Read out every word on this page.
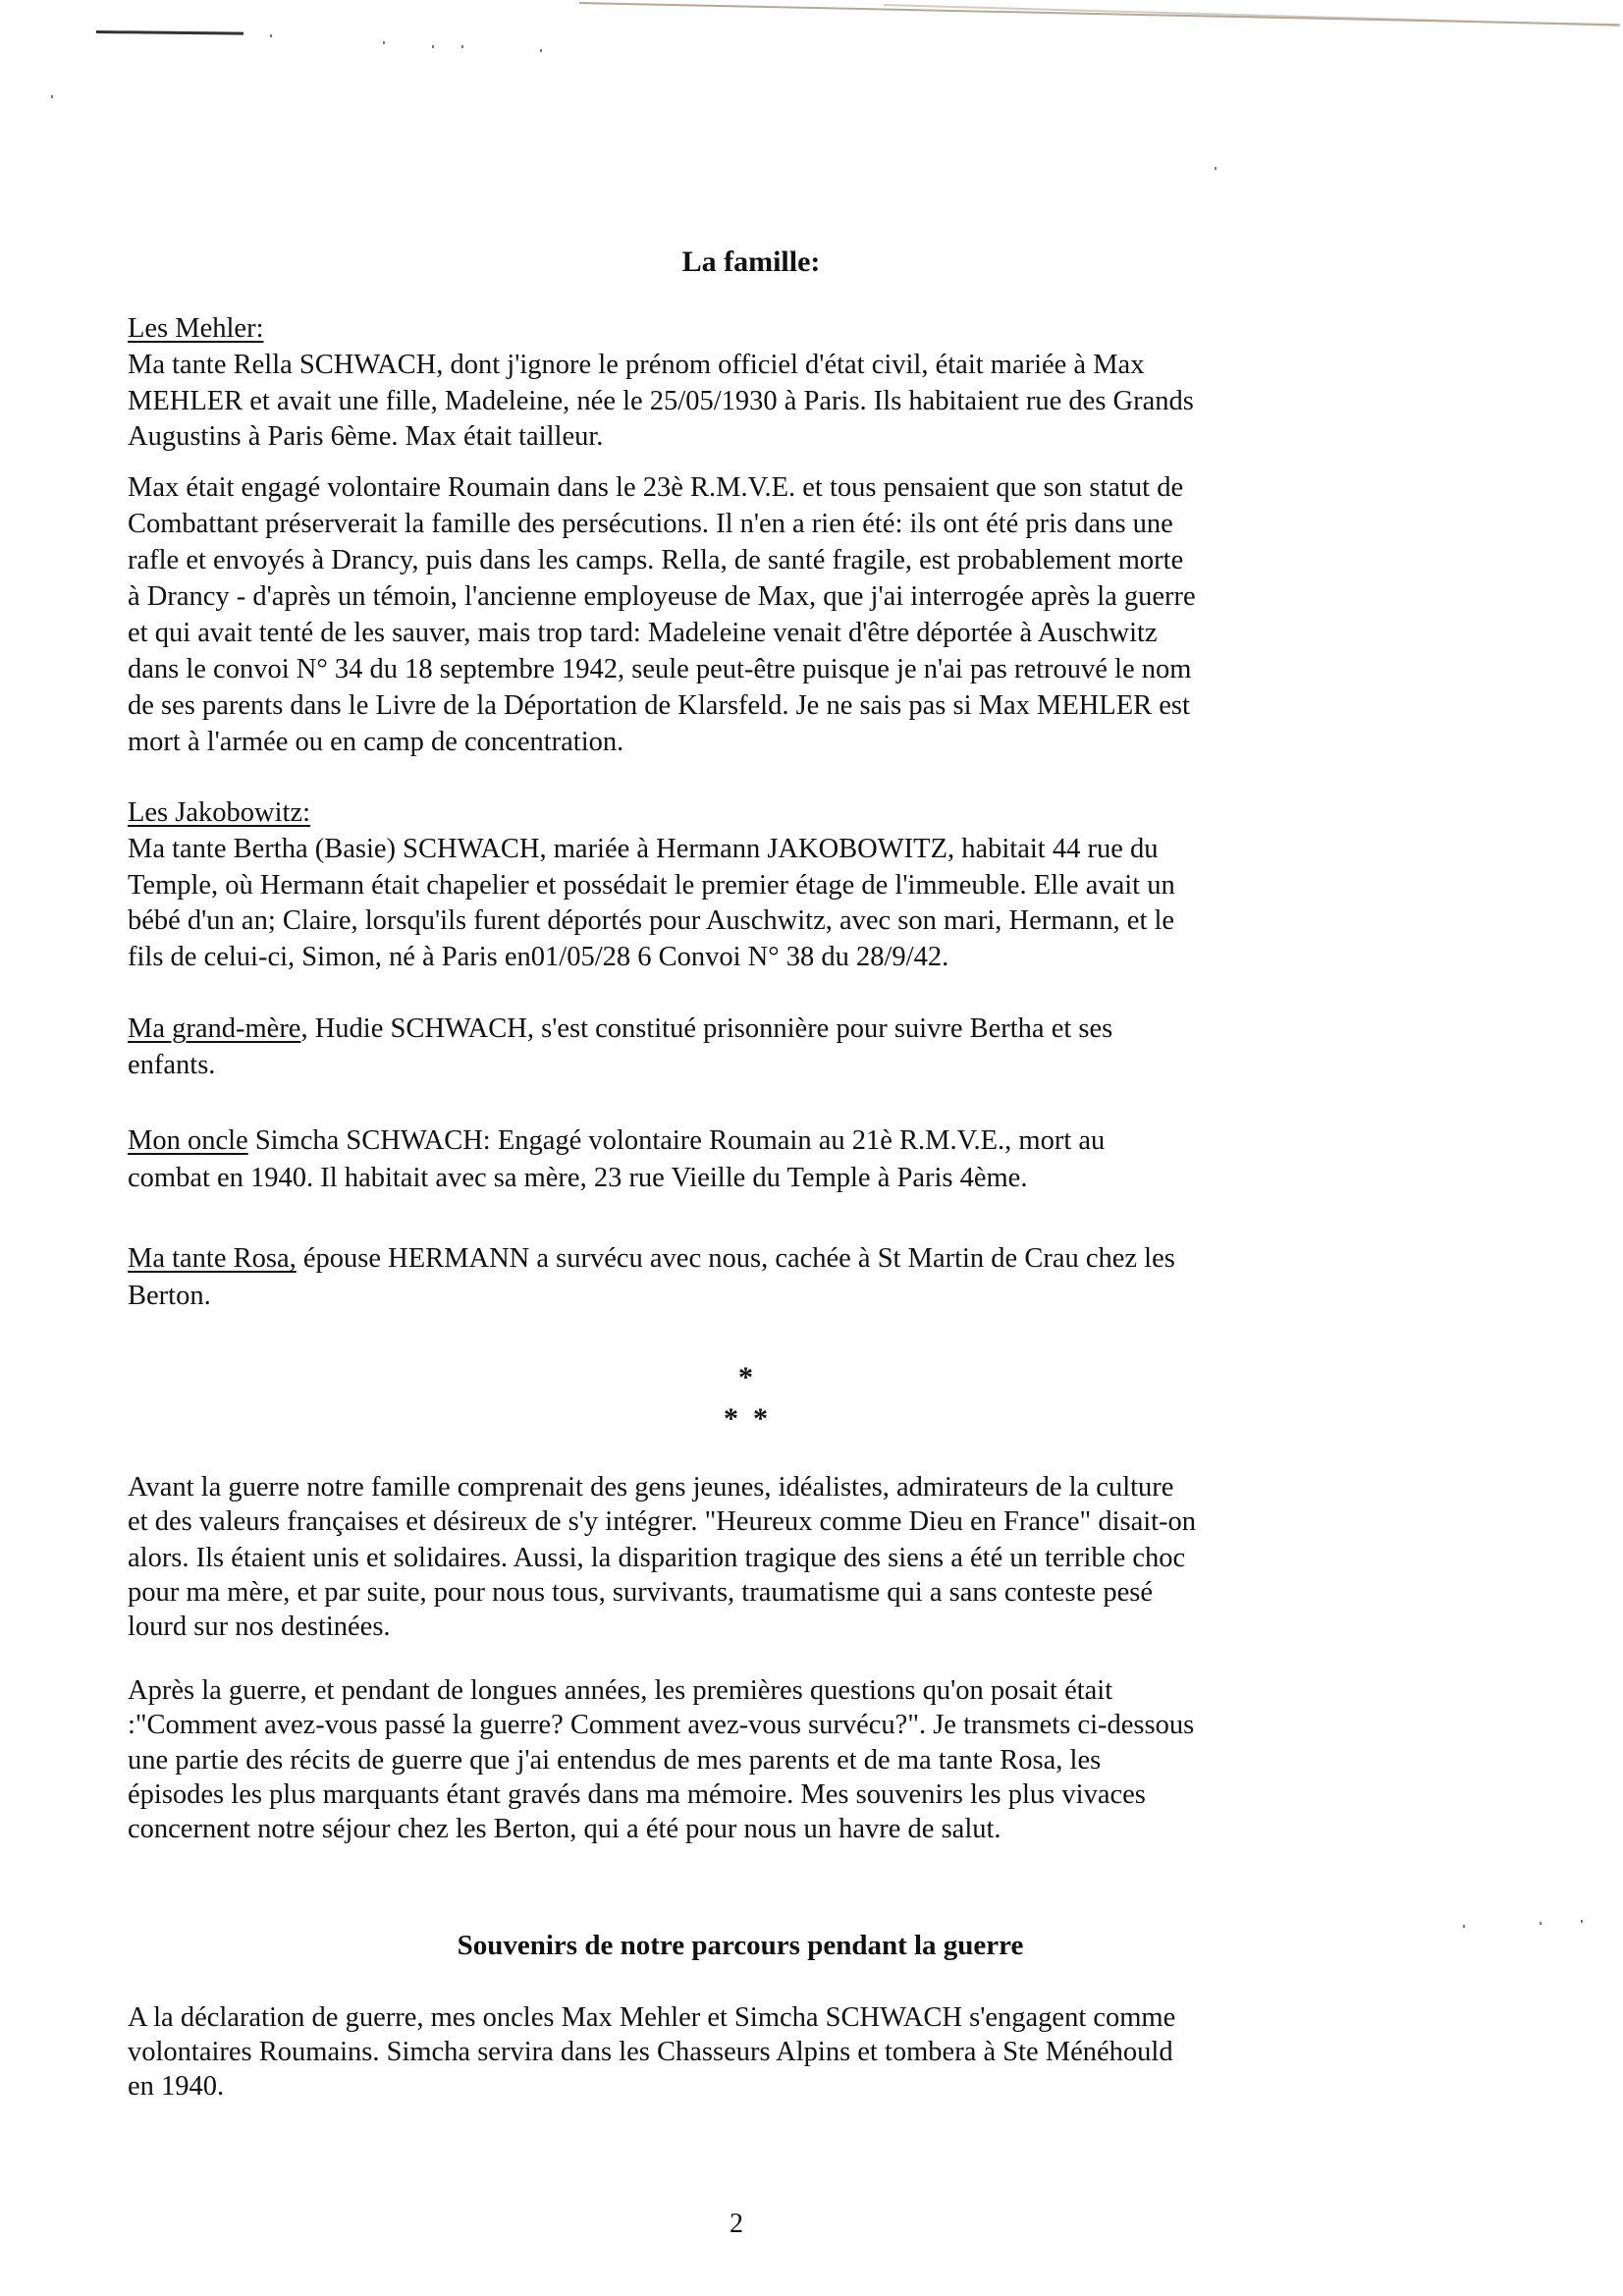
La famille:
Les Mehler:
Ma tante Rella SCHWACH, dont j'ignore le prénom officiel d'état civil, était mariée à Max
MEHLER et avait une fille, Madeleine, née le 25/05/1930 à Paris. Ils habitaient rue des Grands
Augustins à Paris 6ème. Max était tailleur.
Max était engagé volontaire Roumain dans le 23è R.M.V.E. et tous pensaient que son statut de
Combattant préserverait la famille des persécutions. Il n'en a rien été: ils ont été pris dans une
rafle et envoyés à Drancy, puis dans les camps. Rella, de santé fragile, est probablement morte
à Drancy - d'après un témoin, l'ancienne employeuse de Max, que j'ai interrogée après la guerre
et qui avait tenté de les sauver, mais trop tard: Madeleine venait d'être déportée à Auschwitz
dans le convoi N° 34 du 18 septembre 1942, seule peut-être puisque je n'ai pas retrouvé le nom
de ses parents dans le Livre de la Déportation de Klarsfeld. Je ne sais pas si Max MEHLER est
mort à l'armée ou en camp de concentration.
Les Jakobowitz:
Ma tante Bertha (Basie) SCHWACH, mariée à Hermann JAKOBOWITZ, habitait 44 rue du
Temple, où Hermann était chapelier et possédait le premier étage de l'immeuble. Elle avait un
bébé d'un an; Claire, lorsqu'ils furent déportés pour Auschwitz, avec son mari, Hermann, et le
fils de celui-ci, Simon, né à Paris en01/05/28 6 Convoi N° 38 du 28/9/42.
Ma grand-mère, Hudie SCHWACH, s'est constitué prisonnière pour suivre Bertha et ses
enfants.
Mon oncle Simcha SCHWACH: Engagé volontaire Roumain au 21è R.M.V.E., mort au
combat en 1940. Il habitait avec sa mère, 23 rue Vieille du Temple à Paris 4ème.
Ma tante Rosa, épouse HERMANN a survécu avec nous, cachée à St Martin de Crau chez les
Berton.
*
* *
Avant la guerre notre famille comprenait des gens jeunes, idéalistes, admirateurs de la culture
et des valeurs françaises et désireux de s'y intégrer. "Heureux comme Dieu en France" disait-on
alors. Ils étaient unis et solidaires. Aussi, la disparition tragique des siens a été un terrible choc
pour ma mère, et par suite, pour nous tous, survivants, traumatisme qui a sans conteste pesé
lourd sur nos destinées.
Après la guerre, et pendant de longues années, les premières questions qu'on posait était
:"Comment avez-vous passé la guerre? Comment avez-vous survécu?". Je transmets ci-dessous
une partie des récits de guerre que j'ai entendus de mes parents et de ma tante Rosa, les
épisodes les plus marquants étant gravés dans ma mémoire. Mes souvenirs les plus vivaces
concernent notre séjour chez les Berton, qui a été pour nous un havre de salut.
Souvenirs de notre parcours pendant la guerre
A la déclaration de guerre, mes oncles Max Mehler et Simcha SCHWACH s'engagent comme
volontaires Roumains. Simcha servira dans les Chasseurs Alpins et tombera à Ste Ménéhould
en 1940.
2
